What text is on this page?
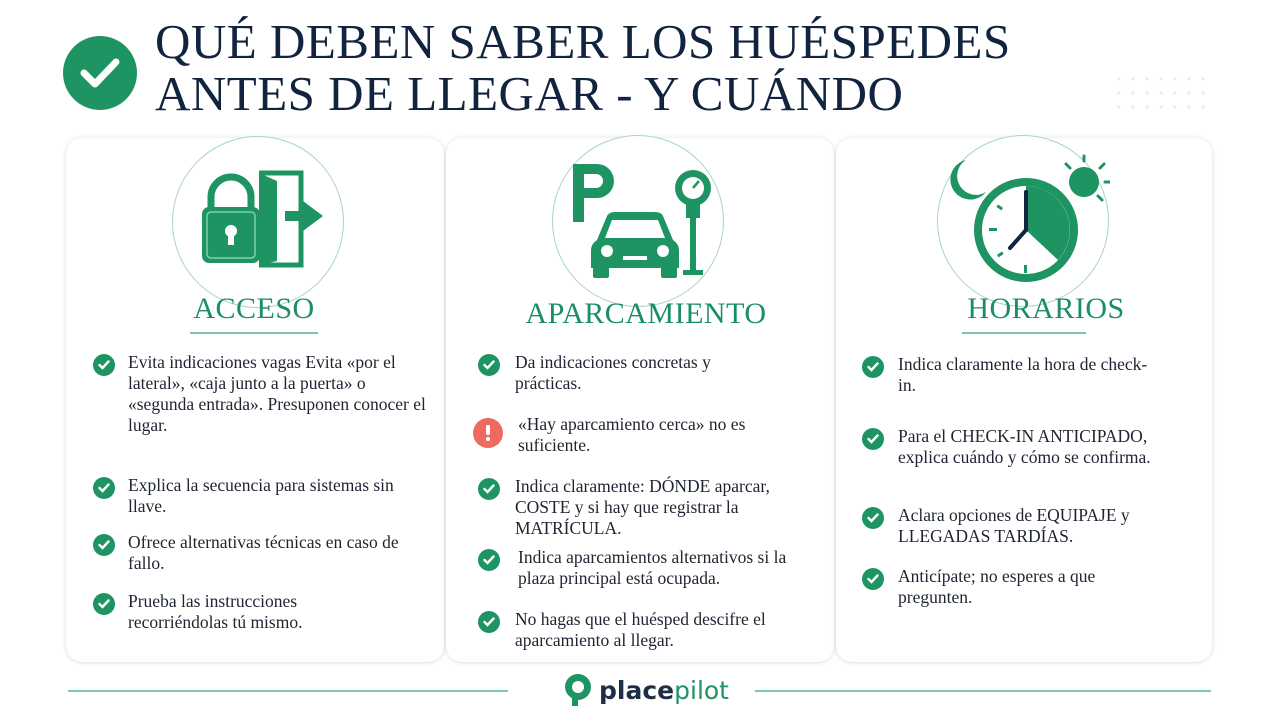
QUÉ DEBEN SABER LOS HUÉSPEDES
ANTES DE LLEGAR - Y CUÁNDO
ACCESO
Evita indicaciones vagas Evita «por el lateral», «caja junto a la puerta» o «segunda entrada». Presuponen conocer el lugar.
Explica la secuencia para sistemas sin llave.
Ofrece alternativas técnicas en caso de fallo.
Prueba las instrucciones recorriéndolas tú mismo.
APARCAMIENTO
Da indicaciones concretas y prácticas.
«Hay aparcamiento cerca» no es suficiente.
Indica claramente: DÓNDE aparcar, COSTE y si hay que registrar la MATRÍCULA.
Indica aparcamientos alternativos si la plaza principal está ocupada.
No hagas que el huésped descifre el aparcamiento al llegar.
HORARIOS
Indica claramente la hora de check-in.
Para el CHECK-IN ANTICIPADO, explica cuándo y cómo se confirma.
Aclara opciones de EQUIPAJE y LLEGADAS TARDÍAS.
Anticípate; no esperes a que pregunten.
placepilot
